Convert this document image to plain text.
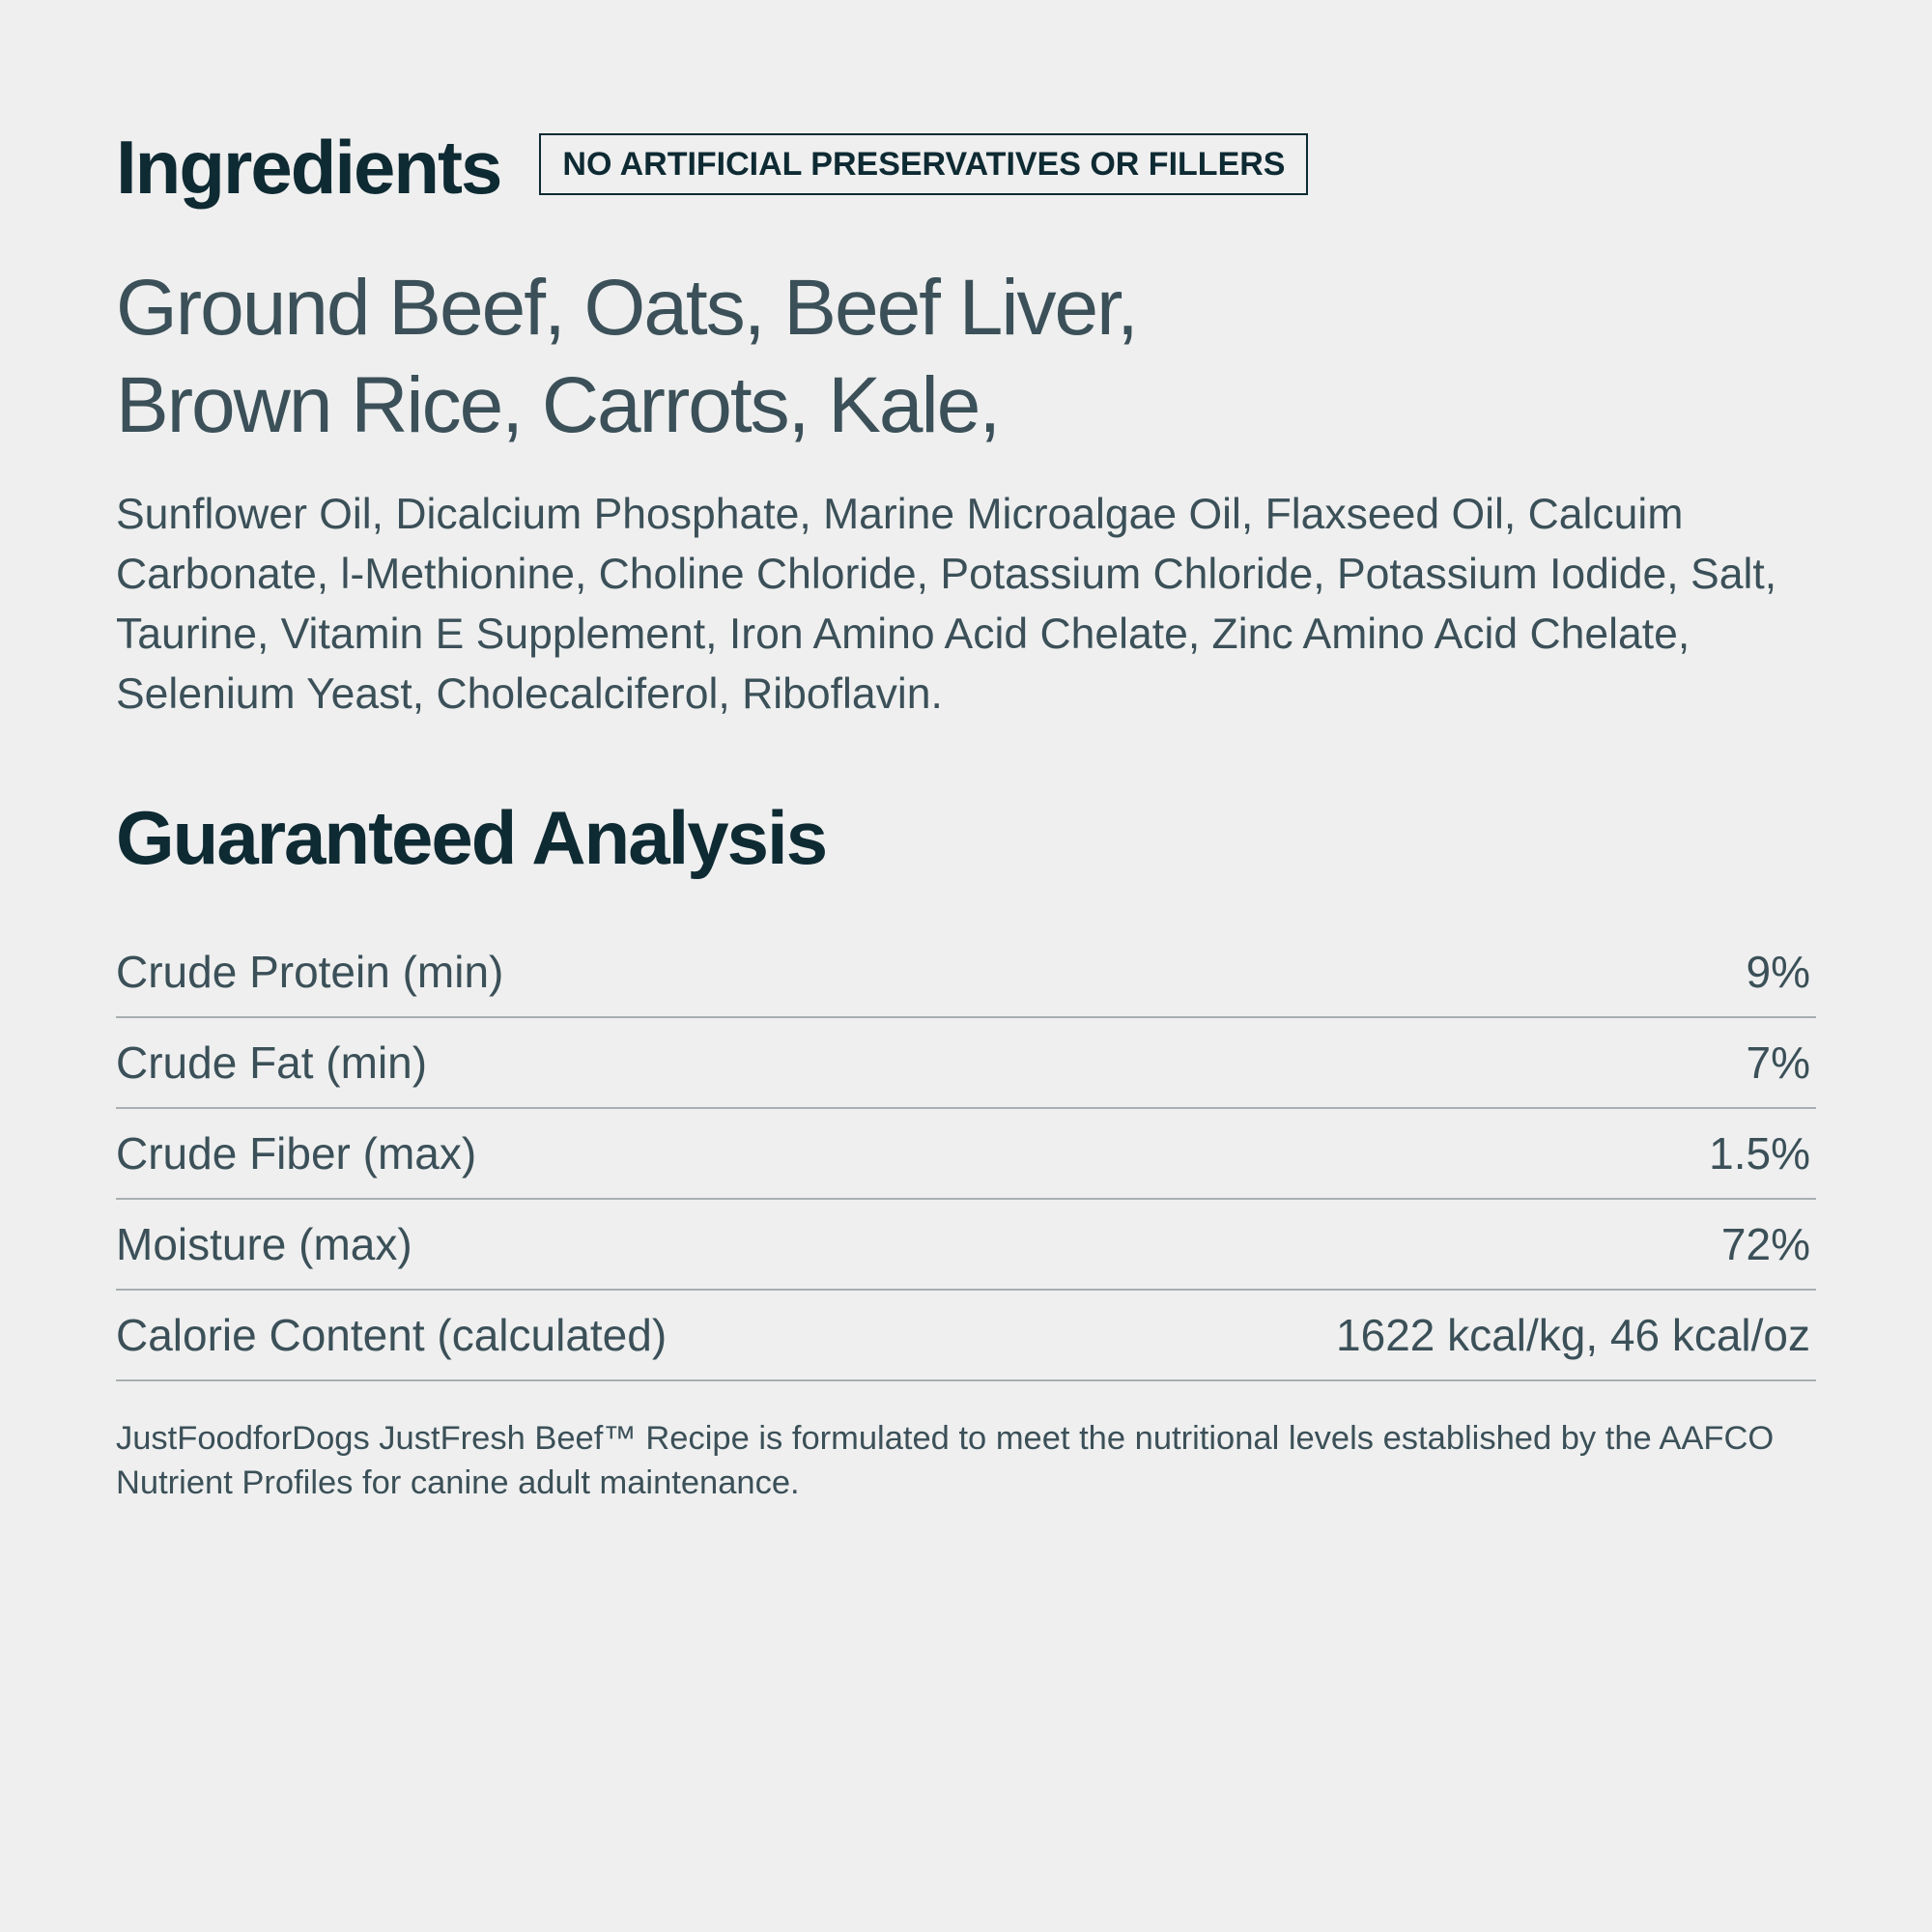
Ingredients	NO ARTIFICIAL PRESERVATIVES OR FILLERS

Ground Beef, Oats, Beef Liver,
Brown Rice, Carrots, Kale,

Sunflower Oil, Dicalcium Phosphate, Marine Microalgae Oil, Flaxseed Oil, Calcuim Carbonate, l-Methionine, Choline Chloride, Potassium Chloride, Potassium Iodide, Salt, Taurine, Vitamin E Supplement, Iron Amino Acid Chelate, Zinc Amino Acid Chelate, Selenium Yeast, Cholecalciferol, Riboflavin.

Guaranteed Analysis
Crude Protein (min)	9%
Crude Fat (min)	7%
Crude Fiber (max)	1.5%
Moisture (max)	72%
Calorie Content (calculated)	1622 kcal/kg, 46 kcal/oz

JustFoodforDogs JustFresh Beef™ Recipe is formulated to meet the nutritional levels established by the AAFCO Nutrient Profiles for canine adult maintenance.
